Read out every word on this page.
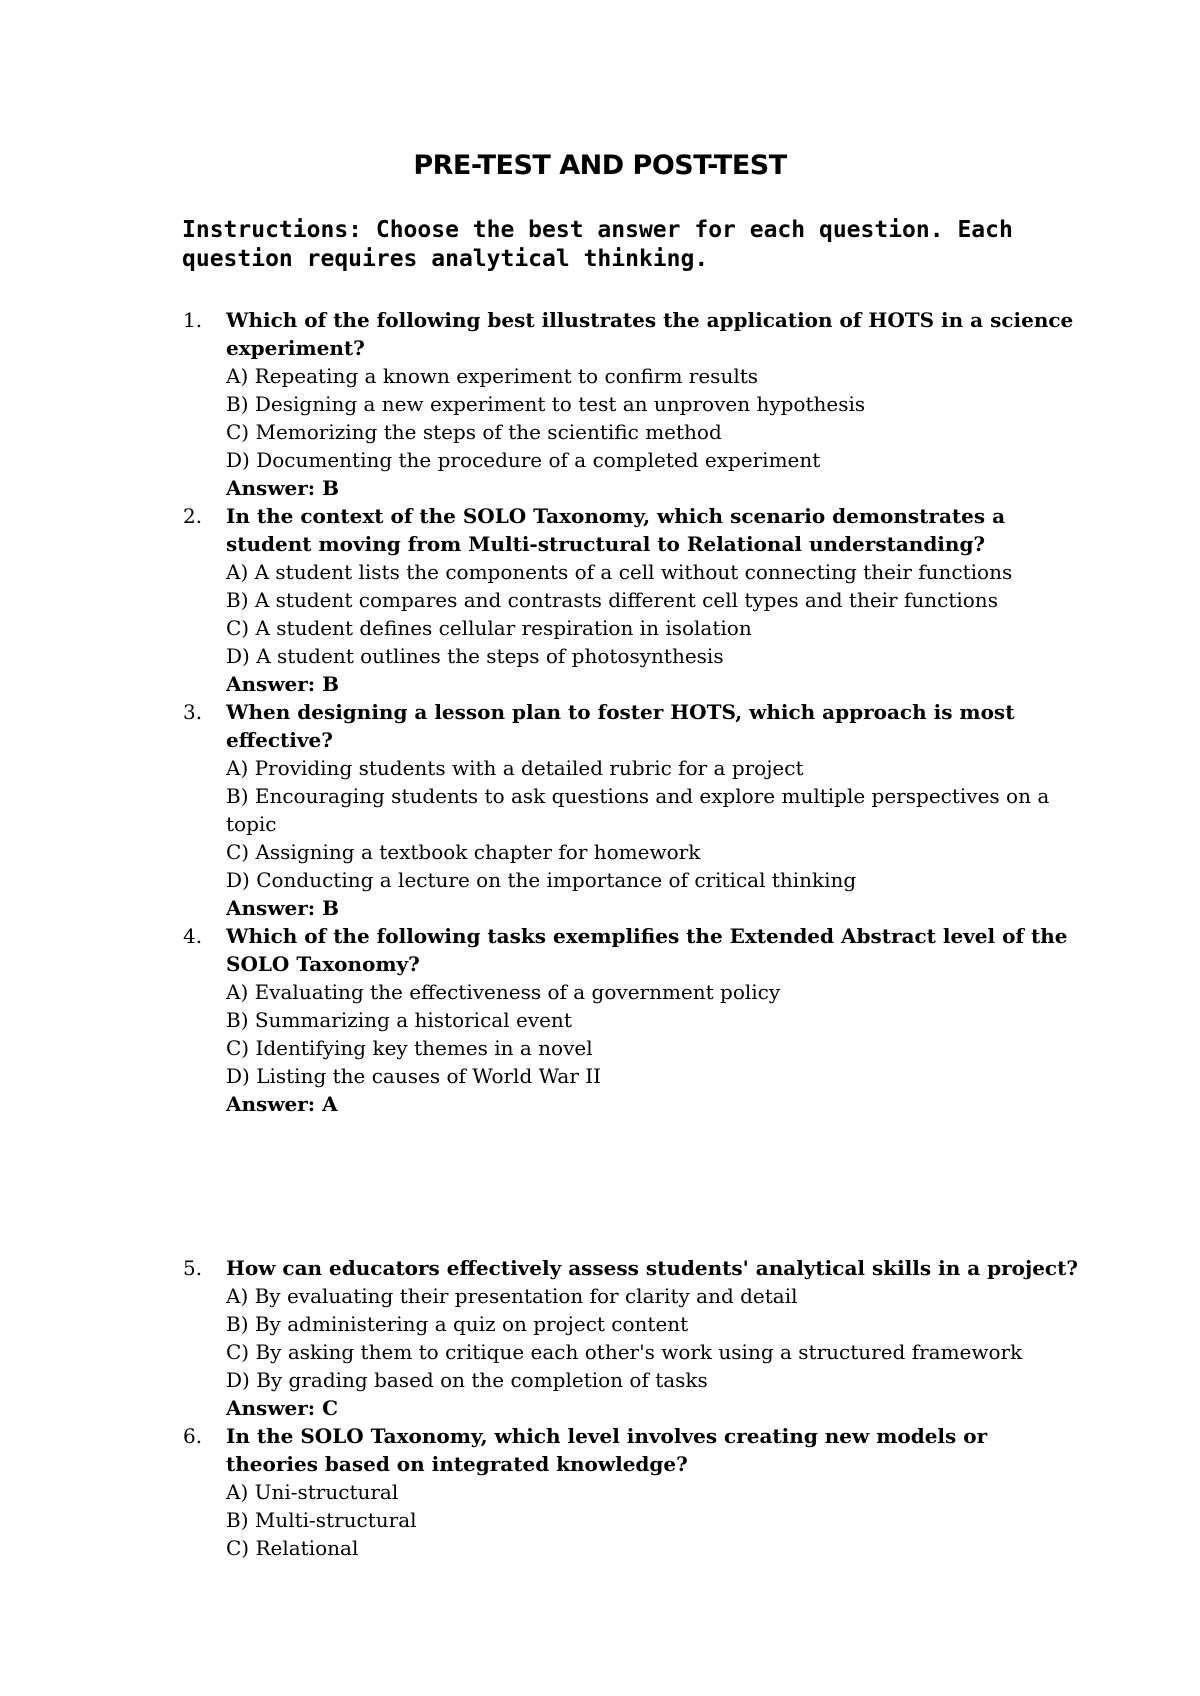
PRE-TEST AND POST-TEST
Instructions: Choose the best answer for each question. Each question requires analytical thinking.
1. Which of the following best illustrates the application of HOTS in a science
experiment?
A) Repeating a known experiment to confirm results
B) Designing a new experiment to test an unproven hypothesis
C) Memorizing the steps of the scientific method
D) Documenting the procedure of a completed experiment
Answer: B
2. In the context of the SOLO Taxonomy, which scenario demonstrates a
student moving from Multi-structural to Relational understanding?
A) A student lists the components of a cell without connecting their functions
B) A student compares and contrasts different cell types and their functions
C) A student defines cellular respiration in isolation
D) A student outlines the steps of photosynthesis
Answer: B
3. When designing a lesson plan to foster HOTS, which approach is most
effective?
A) Providing students with a detailed rubric for a project
B) Encouraging students to ask questions and explore multiple perspectives on a
topic
C) Assigning a textbook chapter for homework
D) Conducting a lecture on the importance of critical thinking
Answer: B
4. Which of the following tasks exemplifies the Extended Abstract level of the
SOLO Taxonomy?
A) Evaluating the effectiveness of a government policy
B) Summarizing a historical event
C) Identifying key themes in a novel
D) Listing the causes of World War II
Answer: A
5. How can educators effectively assess students' analytical skills in a project?
A) By evaluating their presentation for clarity and detail
B) By administering a quiz on project content
C) By asking them to critique each other's work using a structured framework
D) By grading based on the completion of tasks
Answer: C
6. In the SOLO Taxonomy, which level involves creating new models or
theories based on integrated knowledge?
A) Uni-structural
B) Multi-structural
C) Relational
